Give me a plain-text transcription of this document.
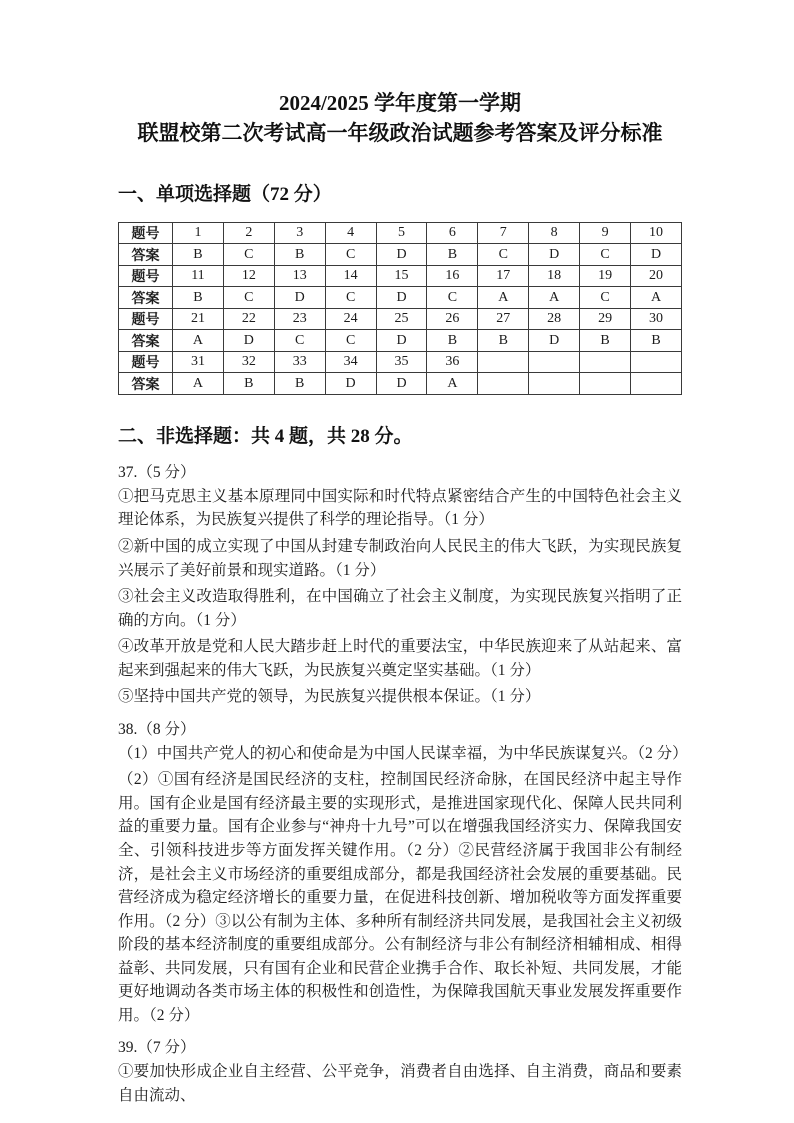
2024/2025 学年度第一学期
联盟校第二次考试高一年级政治试题参考答案及评分标准
一、单项选择题（72 分）
题号	1	2	3	4	5	6	7	8	9	10
答案	B	C	B	C	D	B	C	D	C	D
题号	11	12	13	14	15	16	17	18	19	20
答案	B	C	D	C	D	C	A	A	C	A
题号	21	22	23	24	25	26	27	28	29	30
答案	A	D	C	C	D	B	B	D	B	B
题号	31	32	33	34	35	36				
答案	A	B	B	D	D	A				
二、非选择题：共 4 题，共 28 分。
37.（5 分）

①把马克思主义基本原理同中国实际和时代特点紧密结合产生的中国特色社会主义理论体系，为民族复兴提供了科学的理论指导。（1 分）

②新中国的成立实现了中国从封建专制政治向人民民主的伟大飞跃，为实现民族复兴展示了美好前景和现实道路。（1 分）

③社会主义改造取得胜利，在中国确立了社会主义制度，为实现民族复兴指明了正确的方向。（1 分）

④改革开放是党和人民大踏步赶上时代的重要法宝，中华民族迎来了从站起来、富起来到强起来的伟大飞跃，为民族复兴奠定坚实基础。（1 分）

⑤坚持中国共产党的领导，为民族复兴提供根本保证。（1 分）

38.（8 分）

（1）中国共产党人的初心和使命是为中国人民谋幸福，为中华民族谋复兴。（2 分）

（2）①国有经济是国民经济的支柱，控制国民经济命脉，在国民经济中起主导作用。国有企业是国有经济最主要的实现形式，是推进国家现代化、保障人民共同利益的重要力量。国有企业参与“神舟十九号”可以在增强我国经济实力、保障我国安全、引领科技进步等方面发挥关键作用。（2 分）②民营经济属于我国非公有制经济，是社会主义市场经济的重要组成部分，都是我国经济社会发展的重要基础。民营经济成为稳定经济增长的重要力量，在促进科技创新、增加税收等方面发挥重要作用。（2 分）③以公有制为主体、多种所有制经济共同发展，是我国社会主义初级阶段的基本经济制度的重要组成部分。公有制经济与非公有制经济相辅相成、相得益彰、共同发展，只有国有企业和民营企业携手合作、取长补短、共同发展，才能更好地调动各类市场主体的积极性和创造性，为保障我国航天事业发展发挥重要作用。（2 分）

39.（7 分）

①要加快形成企业自主经营、公平竞争，消费者自由选择、自主消费，商品和要素自由流动、
